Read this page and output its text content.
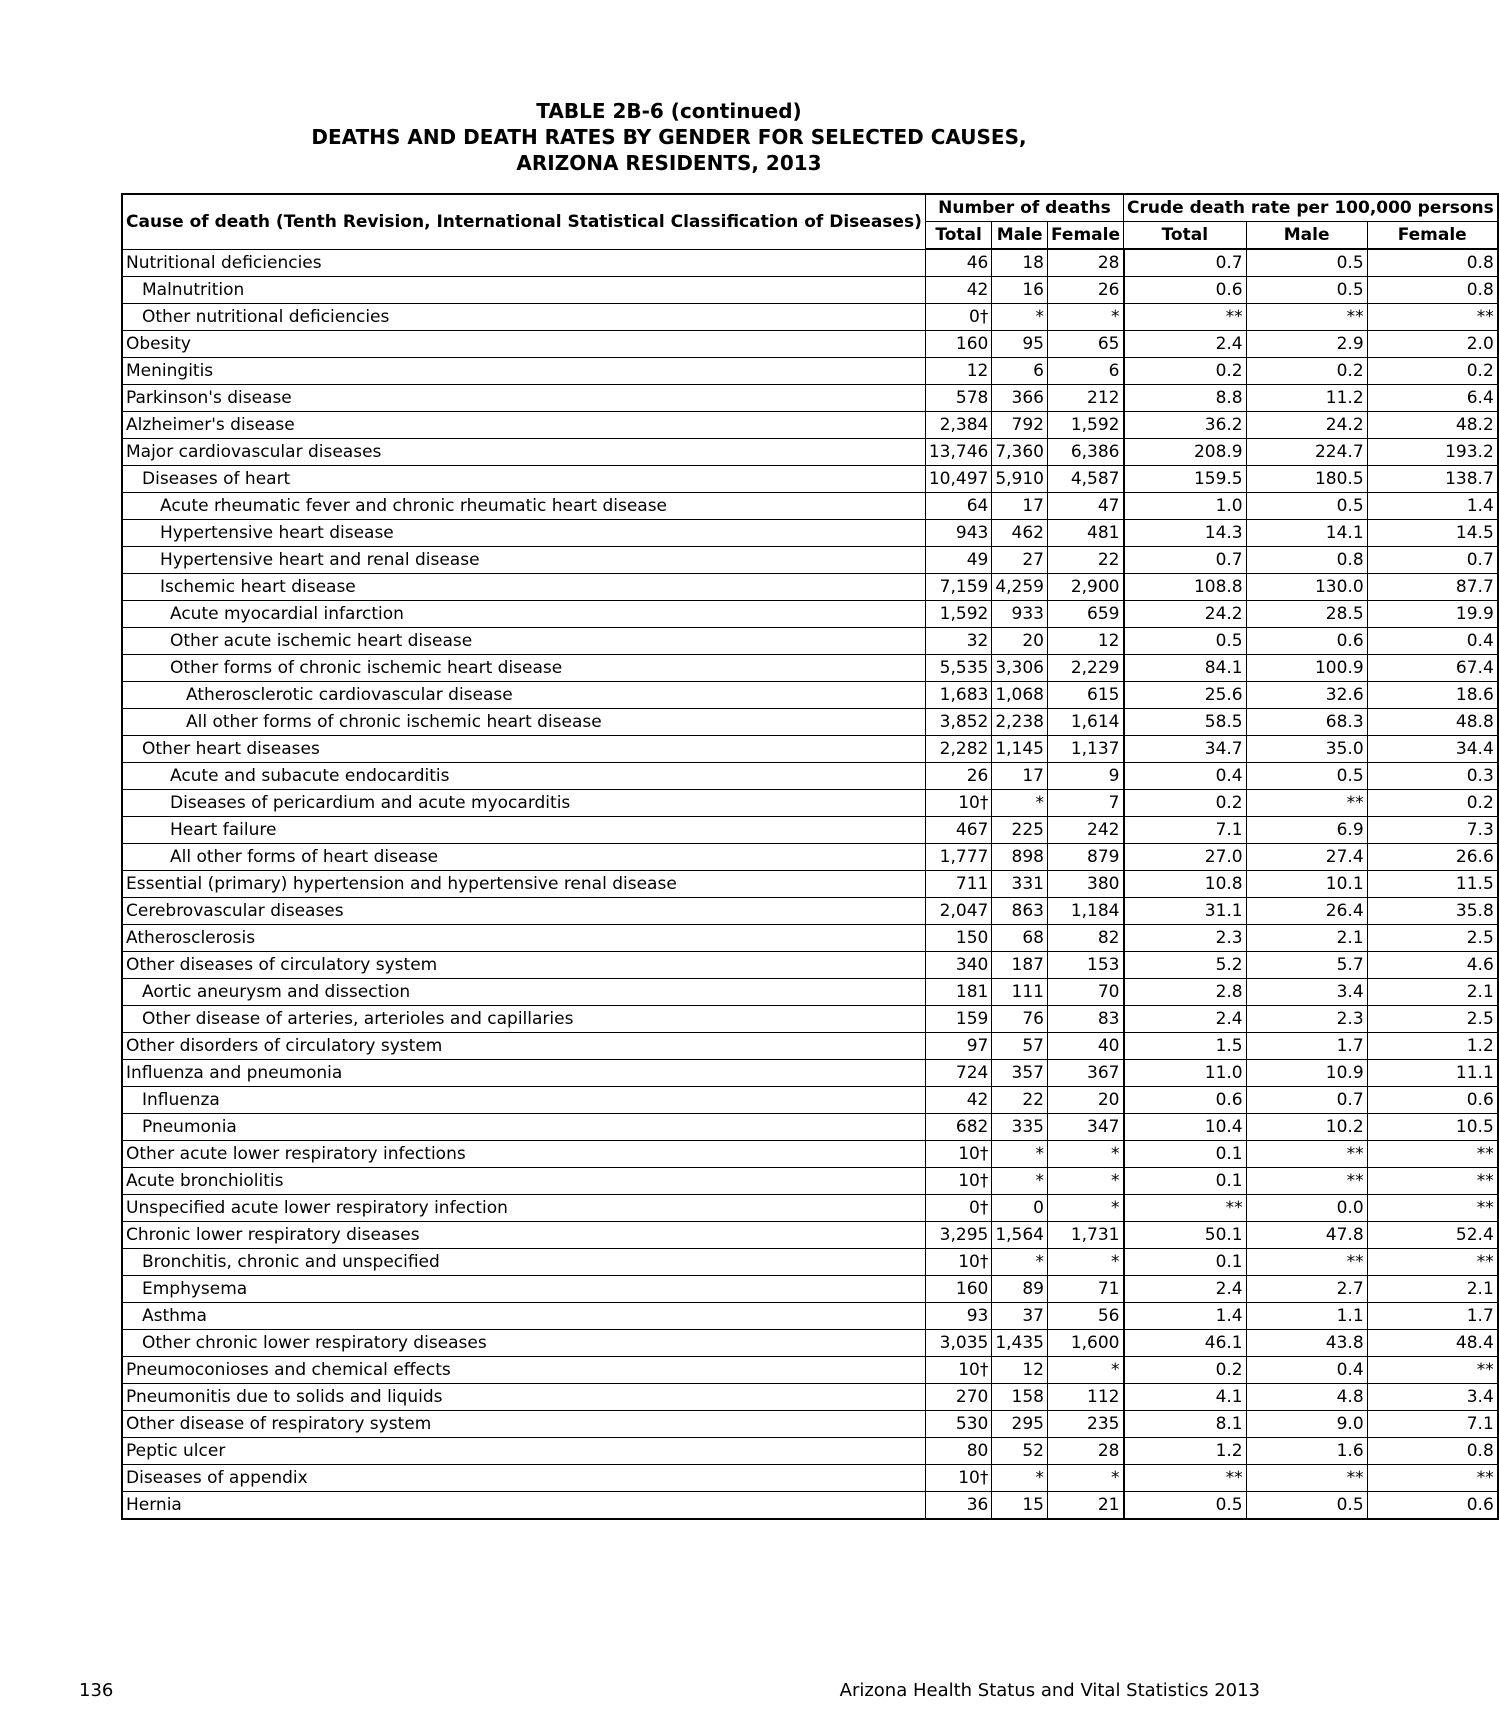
TABLE 2B-6 (continued)
DEATHS AND DEATH RATES BY GENDER FOR SELECTED CAUSES,
ARIZONA RESIDENTS, 2013
Cause of death (Tenth Revision, International Statistical Classification of Diseases)	Number of deaths			Crude death rate per 100,000 persons		
	Total	Male	Female	Total	Male	Female
Nutritional deficiencies	46	18	28	0.7	0.5	0.8
Malnutrition	42	16	26	0.6	0.5	0.8
Other nutritional deficiencies	0†	*	*	**	**	**
Obesity	160	95	65	2.4	2.9	2.0
Meningitis	12	6	6	0.2	0.2	0.2
Parkinson's disease	578	366	212	8.8	11.2	6.4
Alzheimer's disease	2,384	792	1,592	36.2	24.2	48.2
Major cardiovascular diseases	13,746	7,360	6,386	208.9	224.7	193.2
Diseases of heart	10,497	5,910	4,587	159.5	180.5	138.7
Acute rheumatic fever and chronic rheumatic heart disease	64	17	47	1.0	0.5	1.4
Hypertensive heart disease	943	462	481	14.3	14.1	14.5
Hypertensive heart and renal disease	49	27	22	0.7	0.8	0.7
Ischemic heart disease	7,159	4,259	2,900	108.8	130.0	87.7
Acute myocardial infarction	1,592	933	659	24.2	28.5	19.9
Other acute ischemic heart disease	32	20	12	0.5	0.6	0.4
Other forms of chronic ischemic heart disease	5,535	3,306	2,229	84.1	100.9	67.4
Atherosclerotic cardiovascular disease	1,683	1,068	615	25.6	32.6	18.6
All other forms of chronic ischemic heart disease	3,852	2,238	1,614	58.5	68.3	48.8
Other heart diseases	2,282	1,145	1,137	34.7	35.0	34.4
Acute and subacute endocarditis	26	17	9	0.4	0.5	0.3
Diseases of pericardium and acute myocarditis	10†	*	7	0.2	**	0.2
Heart failure	467	225	242	7.1	6.9	7.3
All other forms of heart disease	1,777	898	879	27.0	27.4	26.6
Essential (primary) hypertension and hypertensive renal disease	711	331	380	10.8	10.1	11.5
Cerebrovascular diseases	2,047	863	1,184	31.1	26.4	35.8
Atherosclerosis	150	68	82	2.3	2.1	2.5
Other diseases of circulatory system	340	187	153	5.2	5.7	4.6
Aortic aneurysm and dissection	181	111	70	2.8	3.4	2.1
Other disease of arteries, arterioles and capillaries	159	76	83	2.4	2.3	2.5
Other disorders of circulatory system	97	57	40	1.5	1.7	1.2
Influenza and pneumonia	724	357	367	11.0	10.9	11.1
Influenza	42	22	20	0.6	0.7	0.6
Pneumonia	682	335	347	10.4	10.2	10.5
Other acute lower respiratory infections	10†	*	*	0.1	**	**
Acute bronchiolitis	10†	*	*	0.1	**	**
Unspecified acute lower respiratory infection	0†	0	*	**	0.0	**
Chronic lower respiratory diseases	3,295	1,564	1,731	50.1	47.8	52.4
Bronchitis, chronic and unspecified	10†	*	*	0.1	**	**
Emphysema	160	89	71	2.4	2.7	2.1
Asthma	93	37	56	1.4	1.1	1.7
Other chronic lower respiratory diseases	3,035	1,435	1,600	46.1	43.8	48.4
Pneumoconioses and chemical effects	10†	12	*	0.2	0.4	**
Pneumonitis due to solids and liquids	270	158	112	4.1	4.8	3.4
Other disease of respiratory system	530	295	235	8.1	9.0	7.1
Peptic ulcer	80	52	28	1.2	1.6	0.8
Diseases of appendix	10†	*	*	**	**	**
Hernia	36	15	21	0.5	0.5	0.6
136	Arizona Health Status and Vital Statistics 2013
